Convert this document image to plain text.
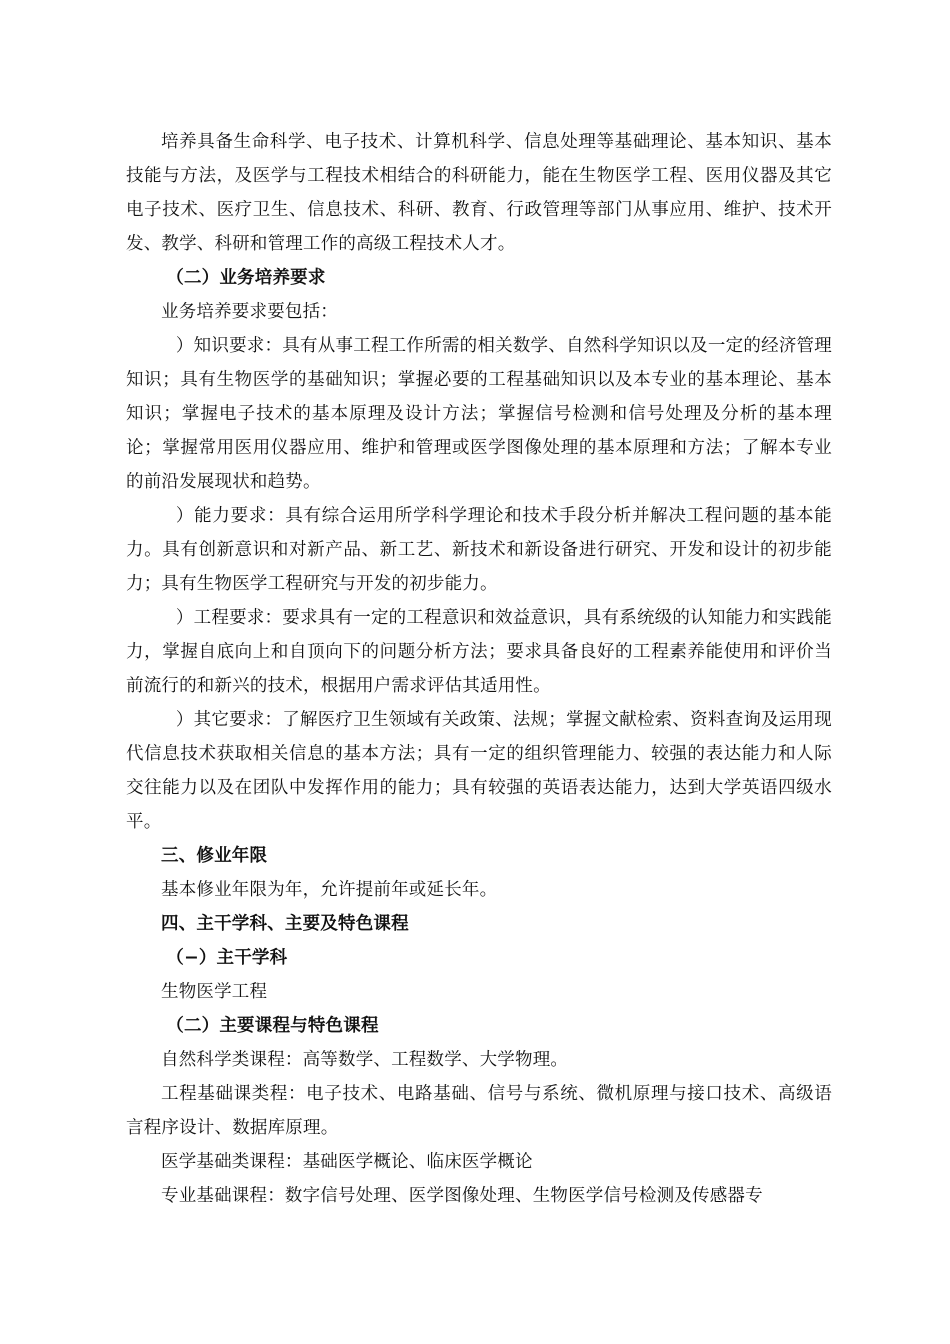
培养具备生命科学、电子技术、计算机科学、信息处理等基础理论、基本知识、基本技能与方法，及医学与工程技术相结合的科研能力，能在生物医学工程、医用仪器及其它电子技术、医疗卫生、信息技术、科研、教育、行政管理等部门从事应用、维护、技术开发、教学、科研和管理工作的高级工程技术人才。

（二）业务培养要求

业务培养要求要包括：

）知识要求：具有从事工程工作所需的相关数学、自然科学知识以及一定的经济管理知识；具有生物医学的基础知识；掌握必要的工程基础知识以及本专业的基本理论、基本知识；掌握电子技术的基本原理及设计方法；掌握信号检测和信号处理及分析的基本理论；掌握常用医用仪器应用、维护和管理或医学图像处理的基本原理和方法；了解本专业的前沿发展现状和趋势。

）能力要求：具有综合运用所学科学理论和技术手段分析并解决工程问题的基本能力。具有创新意识和对新产品、新工艺、新技术和新设备进行研究、开发和设计的初步能力；具有生物医学工程研究与开发的初步能力。

）工程要求：要求具有一定的工程意识和效益意识，具有系统级的认知能力和实践能力，掌握自底向上和自顶向下的问题分析方法；要求具备良好的工程素养能使用和评价当前流行的和新兴的技术，根据用户需求评估其适用性。

）其它要求：了解医疗卫生领域有关政策、法规；掌握文献检索、资料查询及运用现代信息技术获取相关信息的基本方法；具有一定的组织管理能力、较强的表达能力和人际交往能力以及在团队中发挥作用的能力；具有较强的英语表达能力，达到大学英语四级水平。

三、修业年限

基本修业年限为年，允许提前年或延长年。

四、主干学科、主要及特色课程

（−）主干学科

生物医学工程

（二）主要课程与特色课程

自然科学类课程：高等数学、工程数学、大学物理。

工程基础课类程：电子技术、电路基础、信号与系统、微机原理与接口技术、高级语言程序设计、数据库原理。

医学基础类课程：基础医学概论、临床医学概论

专业基础课程：数字信号处理、医学图像处理、生物医学信号检测及传感器专
